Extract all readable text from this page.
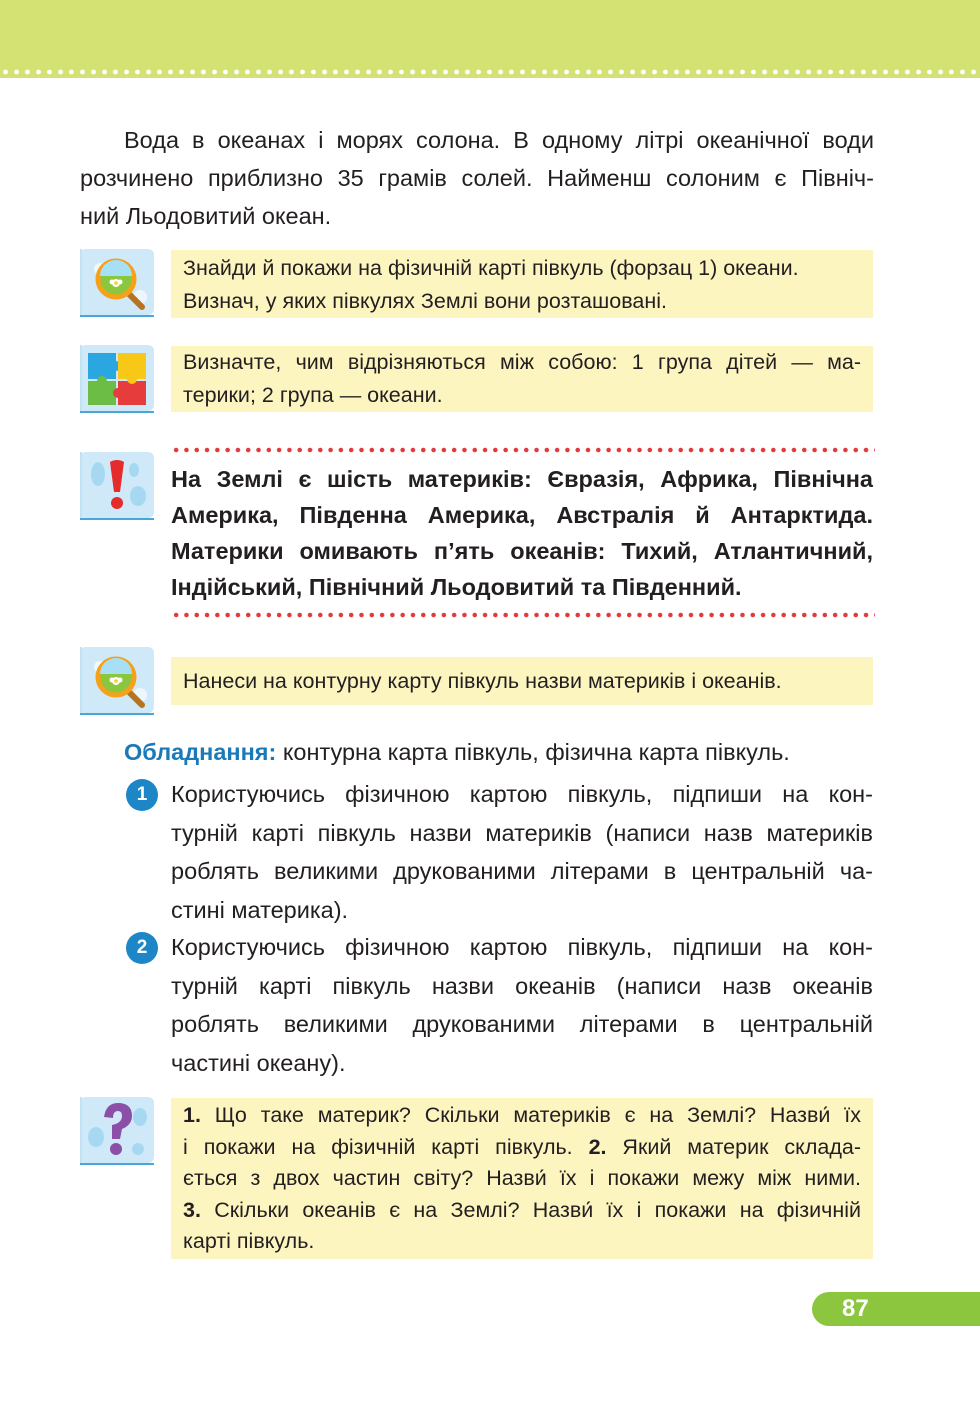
Вода в океанах і морях солона. В одному літрі океанічної води
розчинено приблизно 35 грамів солей. Найменш солоним є Північ-
ний Льодовитий океан.

Знайди й покажи на фізичній карті півкуль (форзац 1) океани.
Визнач, у яких півкулях Землі вони розташовані.
Визначте, чим відрізняються між собою: 1 група дітей — ма-
терики; 2 група — океани.
На Землі є шість материків: Євразія, Африка, Північна
Америка, Південна Америка, Австралія й Антарктида.
Материки омивають п’ять океанів: Тихий, Атлантичний,
Індійський, Північний Льодовитий та Південний.
Нанеси на контурну карту півкуль назви материків і океанів.
Обладнання: контурна карта півкуль, фізична карта півкуль.
1	Користуючись фізичною картою півкуль, підпиши на кон-
турній карті півкуль назви материків (написи назв материків
роблять великими друкованими літерами в центральній ча-
стині материка).
2	Користуючись фізичною картою півкуль, підпиши на кон-
турній карті півкуль назви океанів (написи назв океанів
роблять великими друкованими літерами в центральній
частині океану).
1. Що таке материк? Скільки материків є на Землі? Назви́ їх
і покажи на фізичній карті півкуль. 2. Який материк склада-
ється з двох частин світу? Назви́ їх і покажи межу між ними.
3. Скільки океанів є на Землі? Назви́ їх і покажи на фізичній
карті півкуль.
87
